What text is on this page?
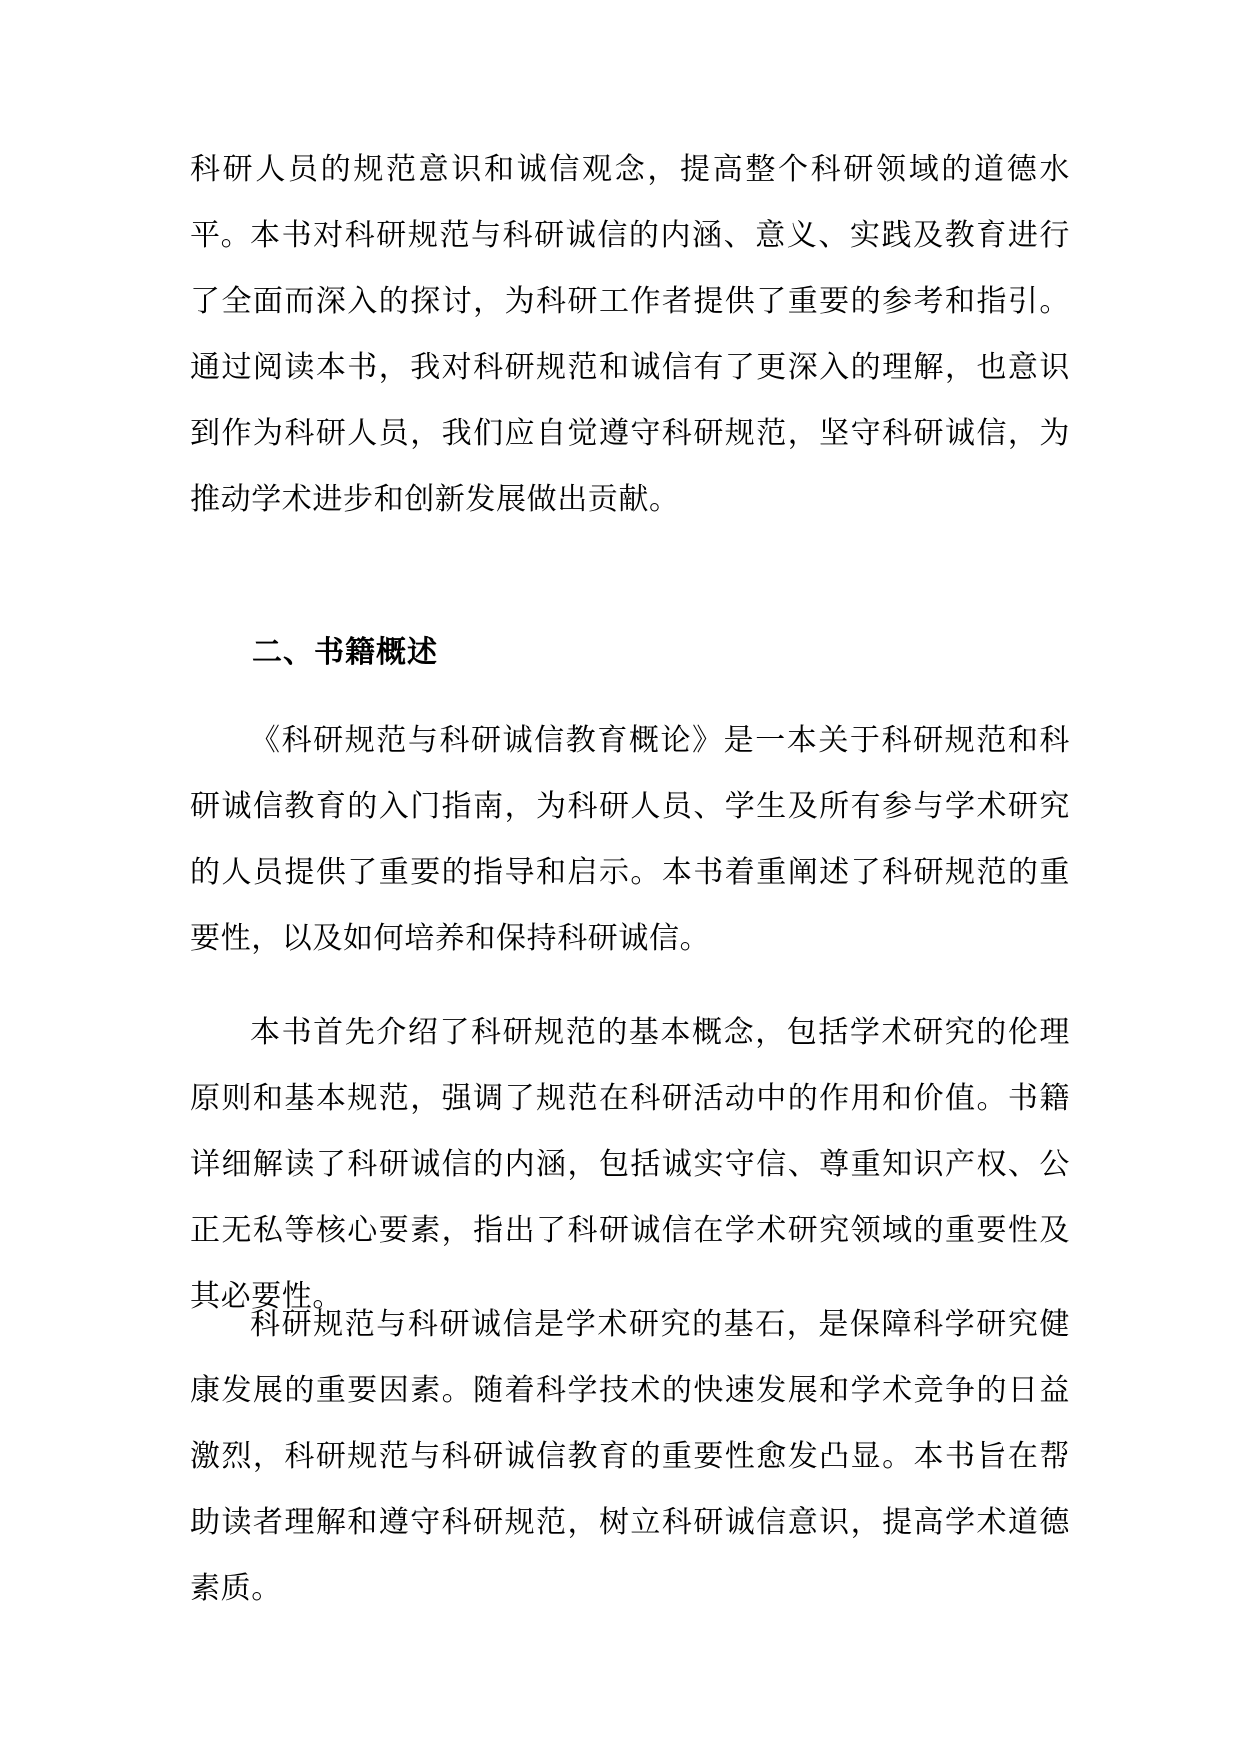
科研人员的规范意识和诚信观念，提高整个科研领域的道德水平。

本书对科研规范与科研诚信的内涵、意义、实践及教育进行了全面而深入的探讨，为科研工作者提供了重要的参考和指引。通过阅读本书，我对科研规范和诚信有了更深入的理解，也意识到作为科研人员，我们应自觉遵守科研规范，坚守科研诚信，为推动学术进步和创新发展做出贡献。

二、书籍概述

《科研规范与科研诚信教育概论》是一本关于科研规范和科研诚信教育的入门指南，为科研人员、学生及所有参与学术研究的人员提供了重要的指导和启示。本书着重阐述了科研规范的重要性，以及如何培养和保持科研诚信。

本书首先介绍了科研规范的基本概念，包括学术研究的伦理原则和基本规范，强调了规范在科研活动中的作用和价值。书籍详细解读了科研诚信的内涵，包括诚实守信、尊重知识产权、公正无私等核心要素，指出了科研诚信在学术研究领域的重要性及其必要性。

科研规范与科研诚信是学术研究的基石，是保障科学研究健康发展的重要因素。随着科学技术的快速发展和学术竞争的日益激烈，科研规范与科研诚信教育的重要性愈发凸显。本书旨在帮助读者理解和遵守科研规范，树立科研诚信意识，提高学术道德素质。
